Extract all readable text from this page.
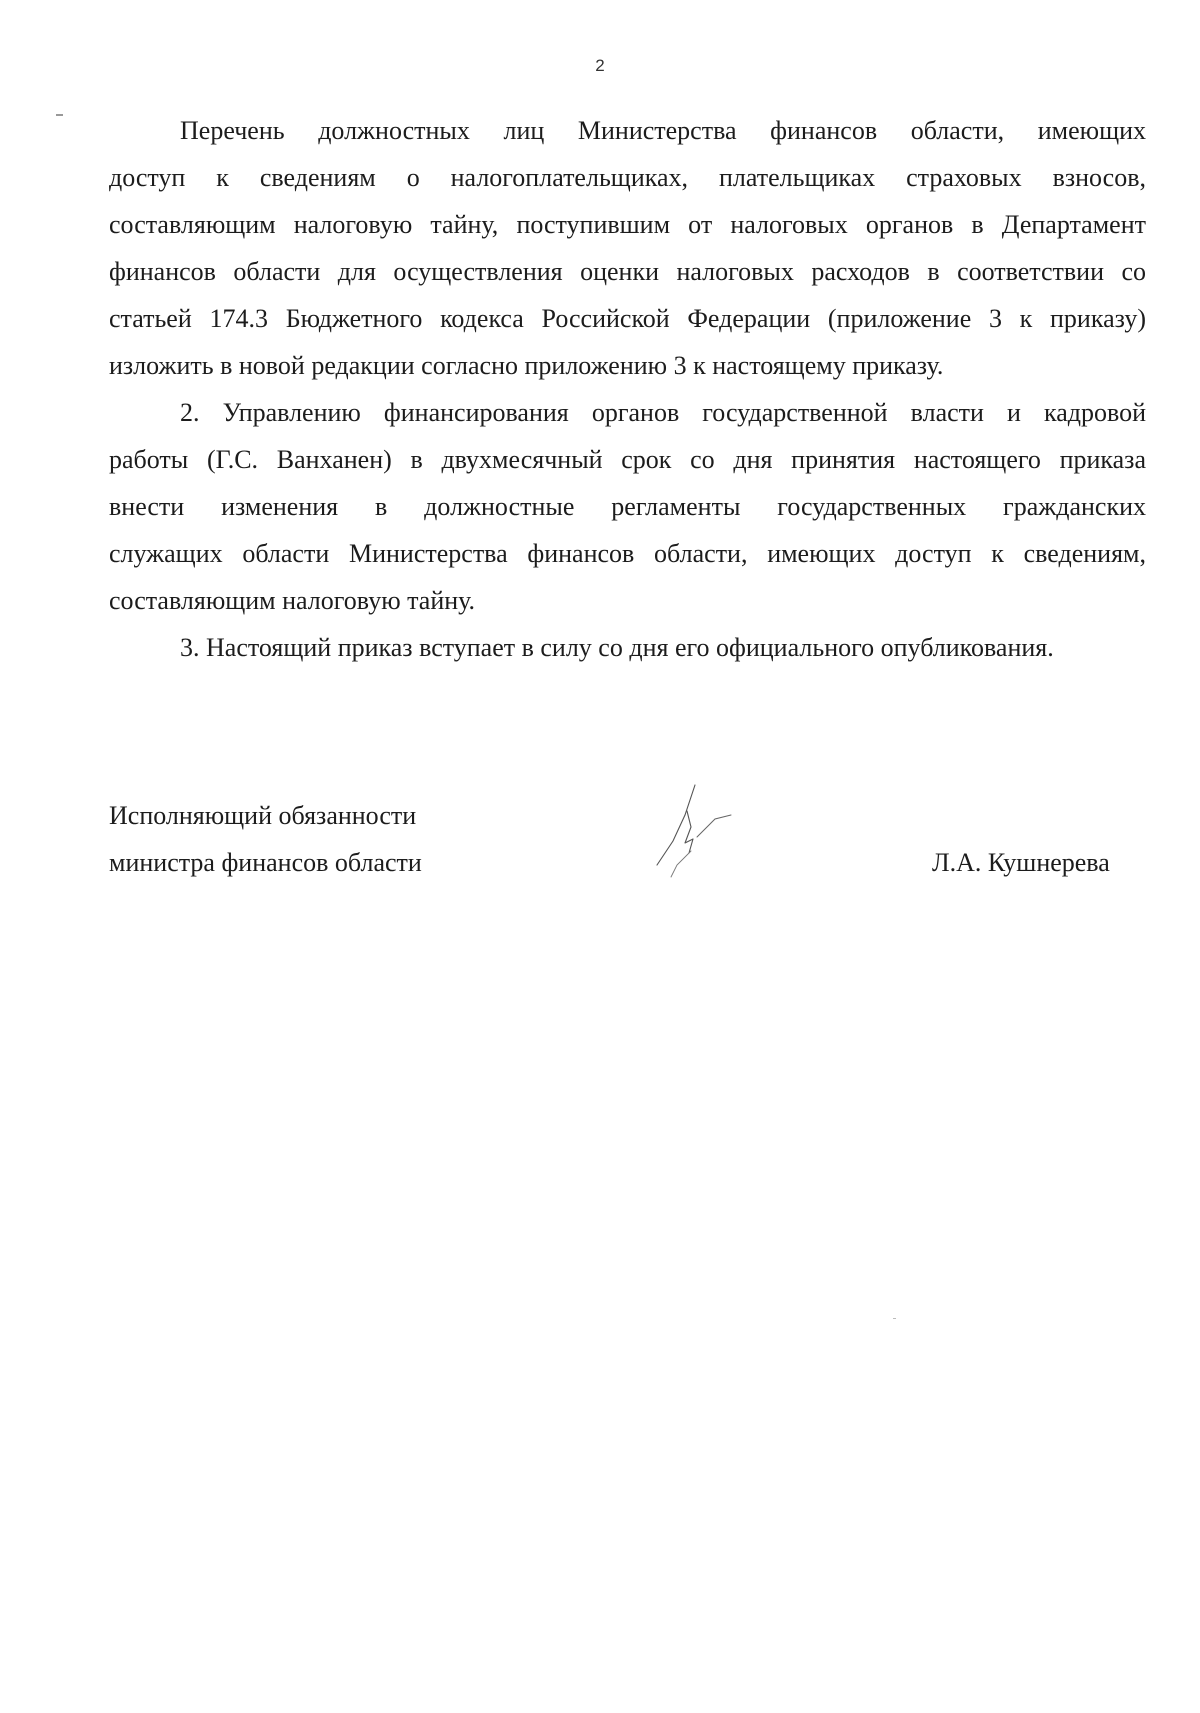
2
Перечень должностных лиц Министерства финансов области, имеющих
доступ к сведениям о налогоплательщиках, плательщиках страховых взносов,
составляющим налоговую тайну, поступившим от налоговых органов в Департамент
финансов области для осуществления оценки налоговых расходов в соответствии со
статьей 174.3 Бюджетного кодекса Российской Федерации (приложение 3 к приказу)
изложить в новой редакции согласно приложению 3 к настоящему приказу.
2. Управлению финансирования органов государственной власти и кадровой
работы (Г.С. Ванханен) в двухмесячный срок со дня принятия настоящего приказа
внести изменения в должностные регламенты государственных гражданских
служащих области Министерства финансов области, имеющих доступ к сведениям,
составляющим налоговую тайну.
3. Настоящий приказ вступает в силу со дня его официального опубликования.
Исполняющий обязанности
министра финансов области	Л.А. Кушнерева
